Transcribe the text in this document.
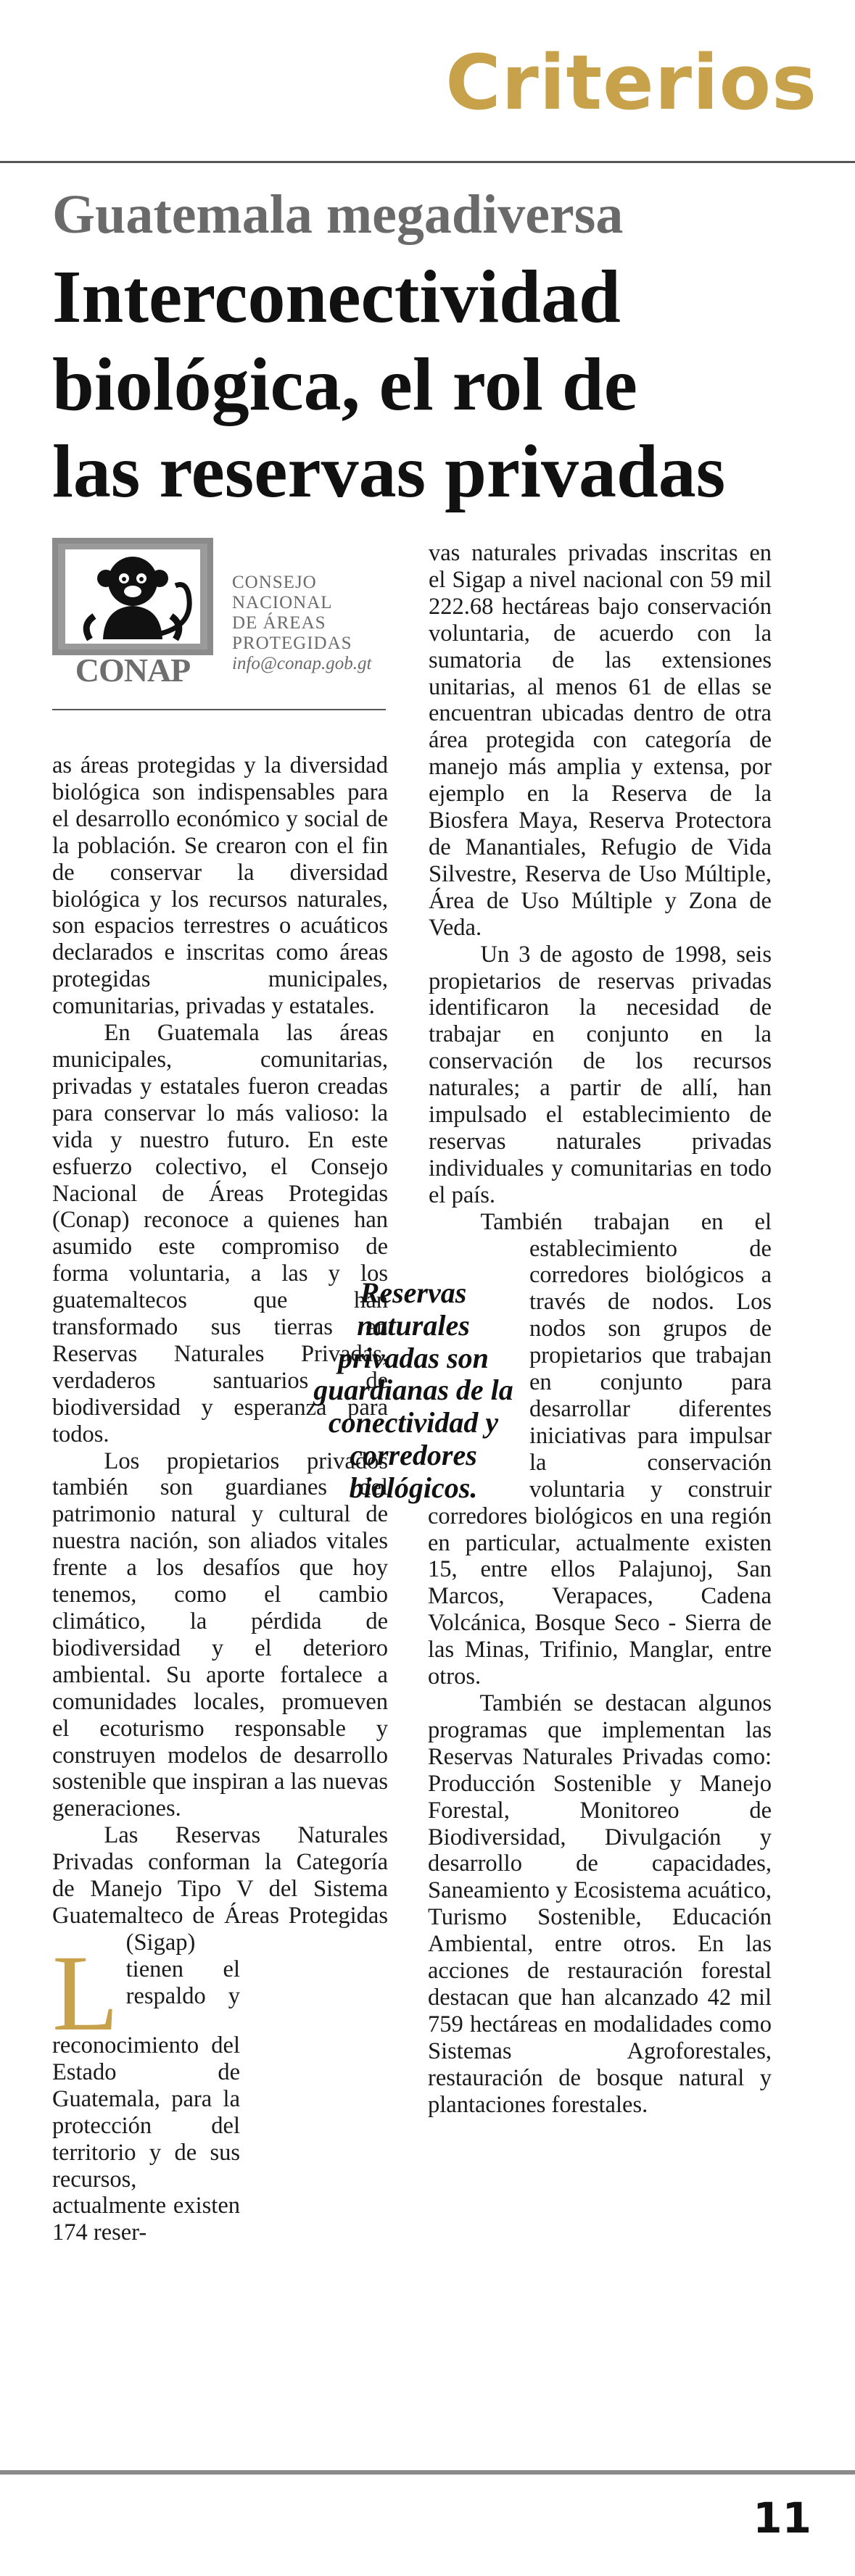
Criterios
Guatemala megadiversa
Interconectividad
biológica, el rol de
las reservas privadas
CONAP
CONSEJO
NACIONAL
DE ÁREAS
PROTEGIDAS
info@conap.gob.gt

L
as áreas protegidas y la diversidad biológica son indispensables para el desarrollo económico y social de la población. Se crearon con el fin de conservar la diversidad biológica y los recursos naturales, son espacios terrestres o acuáticos declarados e inscritas como áreas protegidas municipales, comunitarias, privadas y estatales.

En Guatemala las áreas municipales, comunitarias, privadas y estatales fueron creadas para conservar lo más valioso: la vida y nuestro futuro. En este esfuerzo colectivo, el Consejo Nacional de Áreas Protegidas (Conap) reconoce a quienes han asumido este compromiso de forma voluntaria, a las y los guatemaltecos que han transformado sus tierras en Reservas Naturales Privadas, verdaderos santuarios de biodiversidad y esperanza para todos.

Los propietarios privados también son guardianes del patrimonio natural y cultural de nuestra nación, son aliados vitales frente a los desafíos que hoy tenemos, como el cambio climático, la pérdida de biodiversidad y el deterioro ambiental. Su aporte fortalece a comunidades locales, promueven el ecoturismo responsable y construyen modelos de desarrollo sostenible que inspiran a las nuevas generaciones.

Las Reservas Naturales Privadas conforman la Categoría de Manejo Tipo V del Sistema Guatemalteco de Áreas Protegidas (Sigap) tienen el respaldo y reconocimiento del Estado de Guatemala, para la protección del territorio y de sus recursos, actualmente existen 174 reser-

vas naturales privadas inscritas en el Sigap a nivel nacional con 59 mil 222.68 hectáreas bajo conservación voluntaria, de acuerdo con la sumatoria de las extensiones unitarias, al menos 61 de ellas se encuentran ubicadas dentro de otra área protegida con categoría de manejo más amplia y extensa, por ejemplo en la Reserva de la Biosfera Maya, Reserva Protectora de Manantiales, Refugio de Vida Silvestre, Reserva de Uso Múltiple, Área de Uso Múltiple y Zona de Veda.

Un 3 de agosto de 1998, seis propietarios de reservas privadas identificaron la necesidad de trabajar en conjunto en la conservación de los recursos naturales; a partir de allí, han impulsado el establecimiento de reservas naturales privadas individuales y comunitarias en todo el país.

También trabajan en el establecimiento de corredores biológicos a través de nodos. Los nodos son grupos de propietarios que trabajan en conjunto para desarrollar diferentes iniciativas para impulsar la conservación voluntaria y construir corredores biológicos en una región en particular, actualmente existen 15, entre ellos Palajunoj, San Marcos, Verapaces, Cadena Volcánica, Bosque Seco - Sierra de las Minas, Trifinio, Manglar, entre otros.

También se destacan algunos programas que implementan las Reservas Naturales Privadas como: Producción Sostenible y Manejo Forestal, Monitoreo de Biodiversidad, Divulgación y desarrollo de capacidades, Saneamiento y Ecosistema acuático, Turismo Sostenible, Educación Ambiental, entre otros. En las acciones de restauración forestal destacan que han alcanzado 42 mil 759 hectáreas en modalidades como Sistemas Agroforestales, restauración de bosque natural y plantaciones forestales.

Reservas naturales privadas son guardianas de la conectividad y corredores biológicos.
11
